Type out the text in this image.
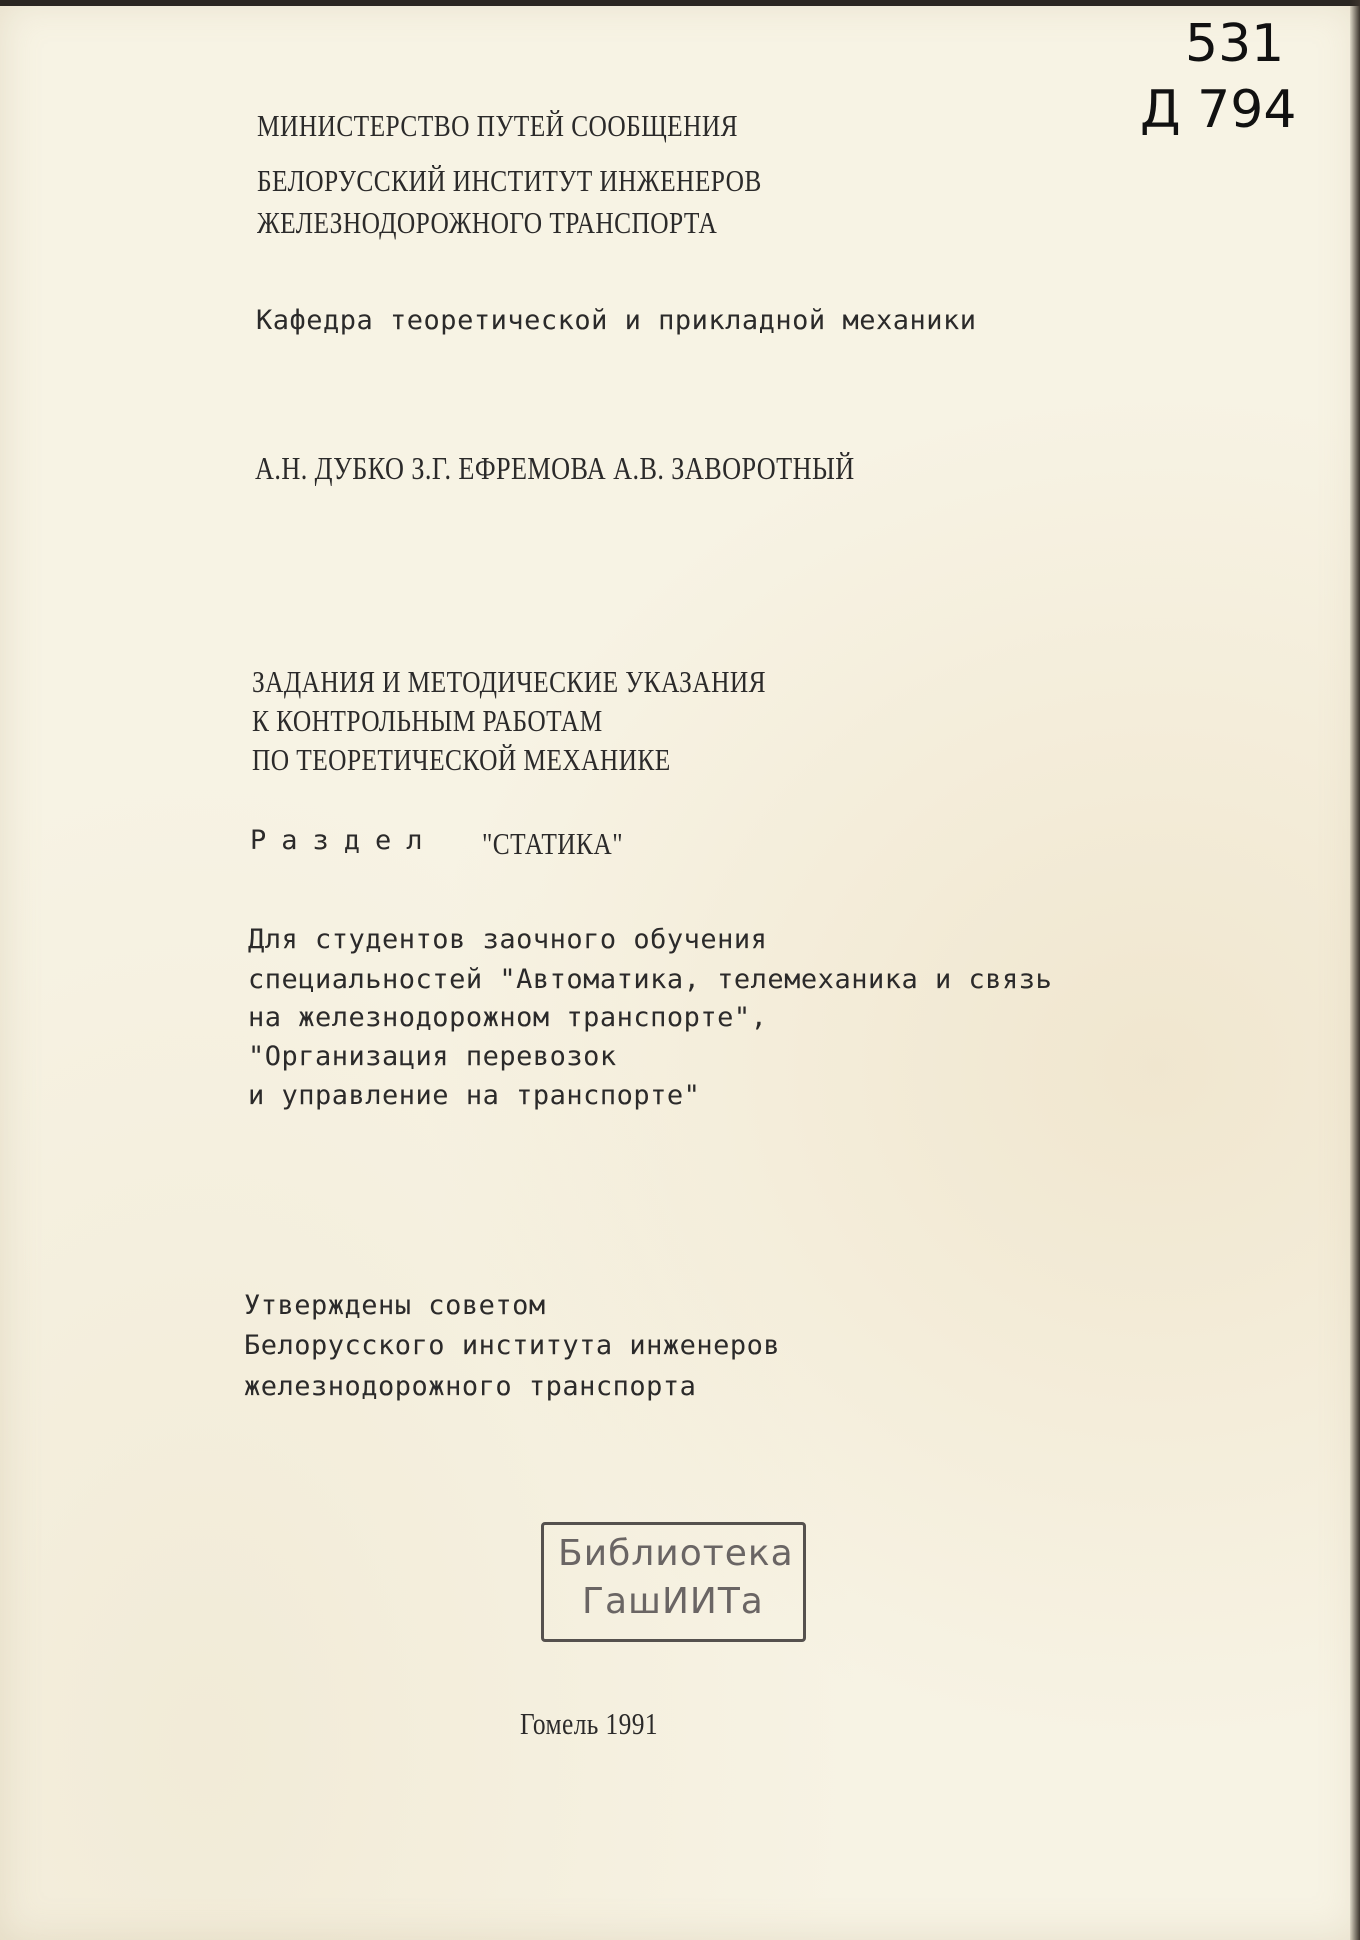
531
Д 794
МИНИСТЕРСТВО ПУТЕЙ СООБЩЕНИЯ
БЕЛОРУССКИЙ ИНСТИТУТ ИНЖЕНЕРОВ
ЖЕЛЕЗНОДОРОЖНОГО ТРАНСПОРТА
Кафедра теоретической и прикладной механики
А.Н. ДУБКО З.Г. ЕФРЕМОВА А.В. ЗАВОРОТНЫЙ
ЗАДАНИЯ И МЕТОДИЧЕСКИЕ УКАЗАНИЯ
К КОНТРОЛЬНЫМ РАБОТАМ
ПО ТЕОРЕТИЧЕСКОЙ МЕХАНИКЕ
Раздел "СТАТИКА"
Для студентов заочного обучения
специальностей "Автоматика, телемеханика и связь
на железнодорожном транспорте",
"Организация перевозок
и управление на транспорте"
Утверждены советом
Белорусского института инженеров
железнодорожного транспорта
Библиотека
ГашИИТа
Гомель 1991
